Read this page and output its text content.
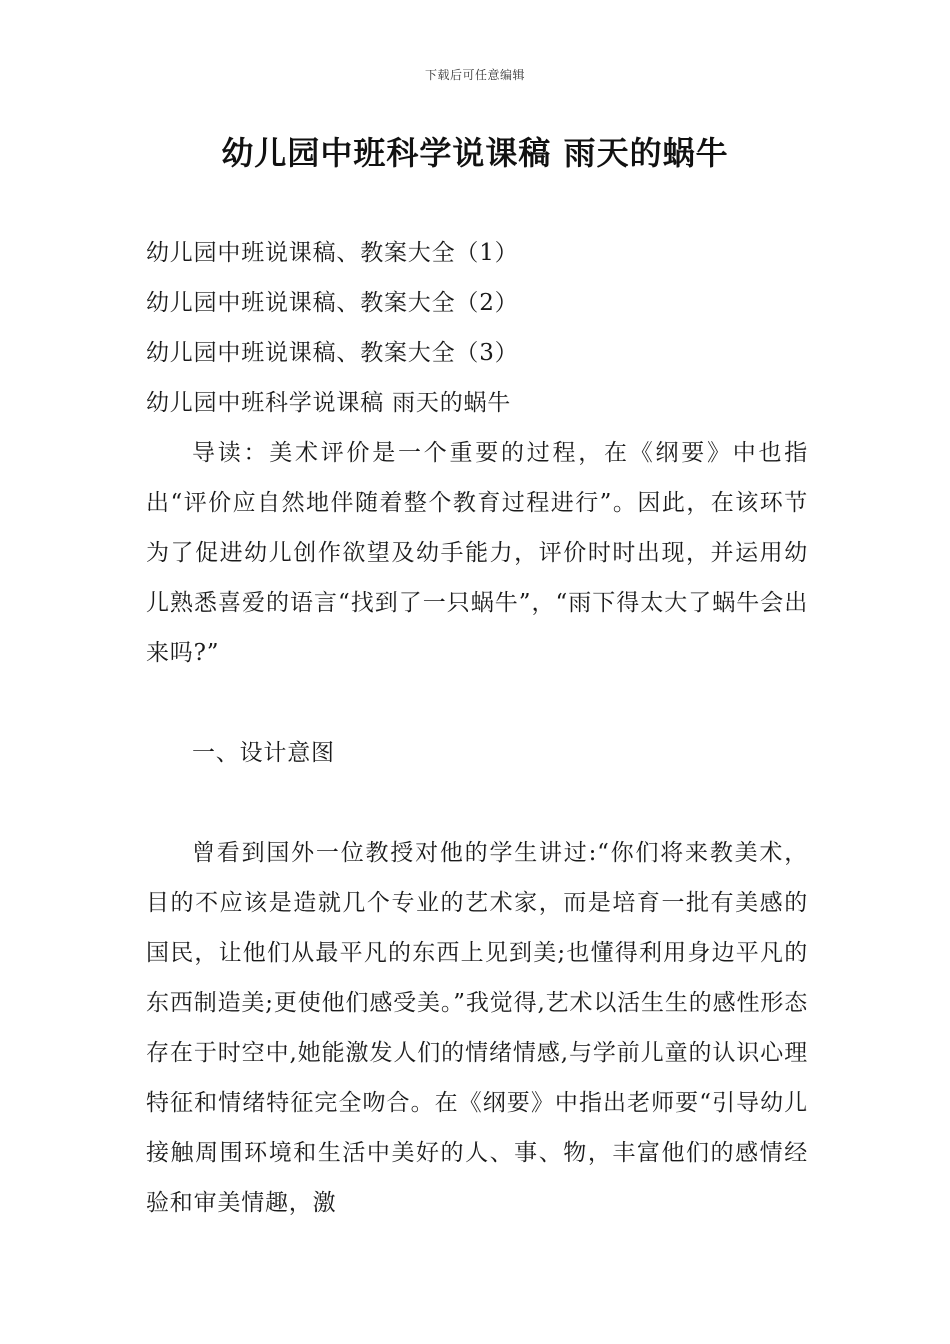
下载后可任意编辑
幼儿园中班科学说课稿 雨天的蜗牛
幼儿园中班说课稿、教案大全（1）
幼儿园中班说课稿、教案大全（2）
幼儿园中班说课稿、教案大全（3）
幼儿园中班科学说课稿 雨天的蜗牛

导读：美术评价是一个重要的过程，在《纲要》中也指出“评价应自然地伴随着整个教育过程进行”。因此，在该环节为了促进幼儿创作欲望及幼手能力，评价时时出现，并运用幼儿熟悉喜爱的语言“找到了一只蜗牛”，“雨下得太大了蜗牛会出来吗?”

一、设计意图

曾看到国外一位教授对他的学生讲过:“你们将来教美术，目的不应该是造就几个专业的艺术家，而是培育一批有美感的国民，让他们从最平凡的东西上见到美;也懂得利用身边平凡的东西制造美;更使他们感受美。”我觉得,艺术以活生生的感性形态存在于时空中,她能激发人们的情绪情感,与学前儿童的认识心理特征和情绪特征完全吻合。在《纲要》中指出老师要“引导幼儿接触周围环境和生活中美好的人、事、物，丰富他们的感情经验和审美情趣，激
